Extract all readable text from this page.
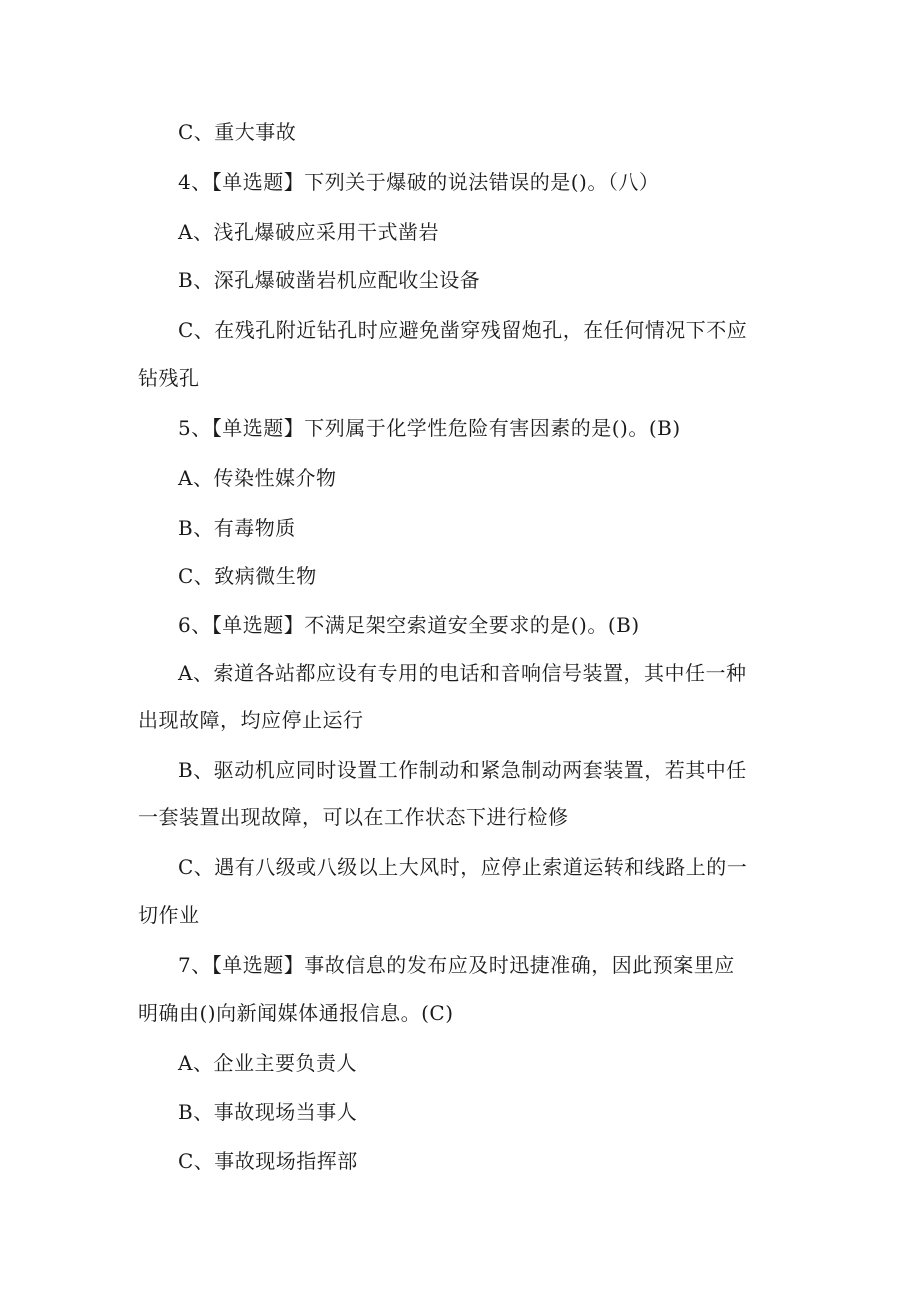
C、重大事故
4、【单选题】下列关于爆破的说法错误的是()。（八）
A、浅孔爆破应采用干式凿岩
B、深孔爆破凿岩机应配收尘设备
C、在残孔附近钻孔时应避免凿穿残留炮孔，在任何情况下不应
钻残孔
5、【单选题】下列属于化学性危险有害因素的是()。(B)
A、传染性媒介物
B、有毒物质
C、致病微生物
6、【单选题】不满足架空索道安全要求的是()。(B)
A、索道各站都应设有专用的电话和音响信号装置，其中任一种
出现故障，均应停止运行
B、驱动机应同时设置工作制动和紧急制动两套装置，若其中任
一套装置出现故障，可以在工作状态下进行检修
C、遇有八级或八级以上大风时，应停止索道运转和线路上的一
切作业
7、【单选题】事故信息的发布应及时迅捷准确，因此预案里应
明确由()向新闻媒体通报信息。(C)
A、企业主要负责人
B、事故现场当事人
C、事故现场指挥部
